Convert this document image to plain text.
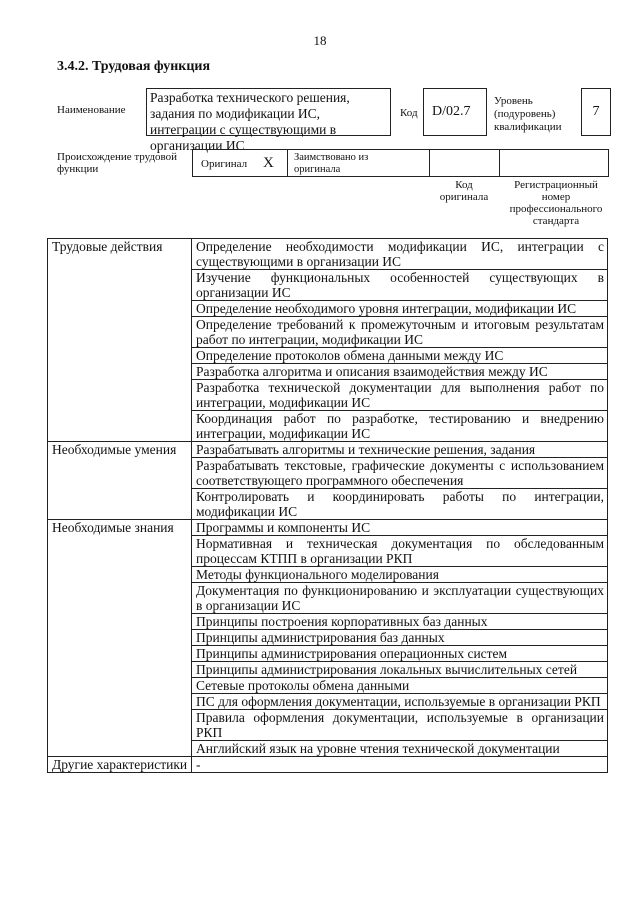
18
3.4.2. Трудовая функция
Наименование
Разработка технического решения, задания по модификации ИС, интеграции с существующими в организации ИС
Код	D/02.7
Уровень (подуровень) квалификации
7
Происхождение трудовой функции	Оригинал X Заимствовано из оригинала
Код оригинала
Регистрационный номер профессионального стандарта
Трудовые действия	Определение необходимости модификации ИС, интеграции с существующими в организации ИС
	Изучение функциональных особенностей существующих в организации ИС
	Определение необходимого уровня интеграции, модификации ИС
	Определение требований к промежуточным и итоговым результатам работ по интеграции, модификации ИС
	Определение протоколов обмена данными между ИС
	Разработка алгоритма и описания взаимодействия между ИС
	Разработка технической документации для выполнения работ по интеграции, модификации ИС
	Координация работ по разработке, тестированию и внедрению интеграции, модификации ИС
Необходимые умения	Разрабатывать алгоритмы и технические решения, задания
	Разрабатывать текстовые, графические документы с использованием соответствующего программного обеспечения
	Контролировать и координировать работы по интеграции, модификации ИС
Необходимые знания	Программы и компоненты ИС
	Нормативная и техническая документация по обследованным процессам КТПП в организации РКП
	Методы функционального моделирования
	Документация по функционированию и эксплуатации существующих в организации ИС
	Принципы построения корпоративных баз данных
	Принципы администрирования баз данных
	Принципы администрирования операционных систем
	Принципы администрирования локальных вычислительных сетей
	Сетевые протоколы обмена данными
	ПС для оформления документации, используемые в организации РКП
	Правила оформления документации, используемые в организации РКП
	Английский язык на уровне чтения технической документации
Другие характеристики	-
